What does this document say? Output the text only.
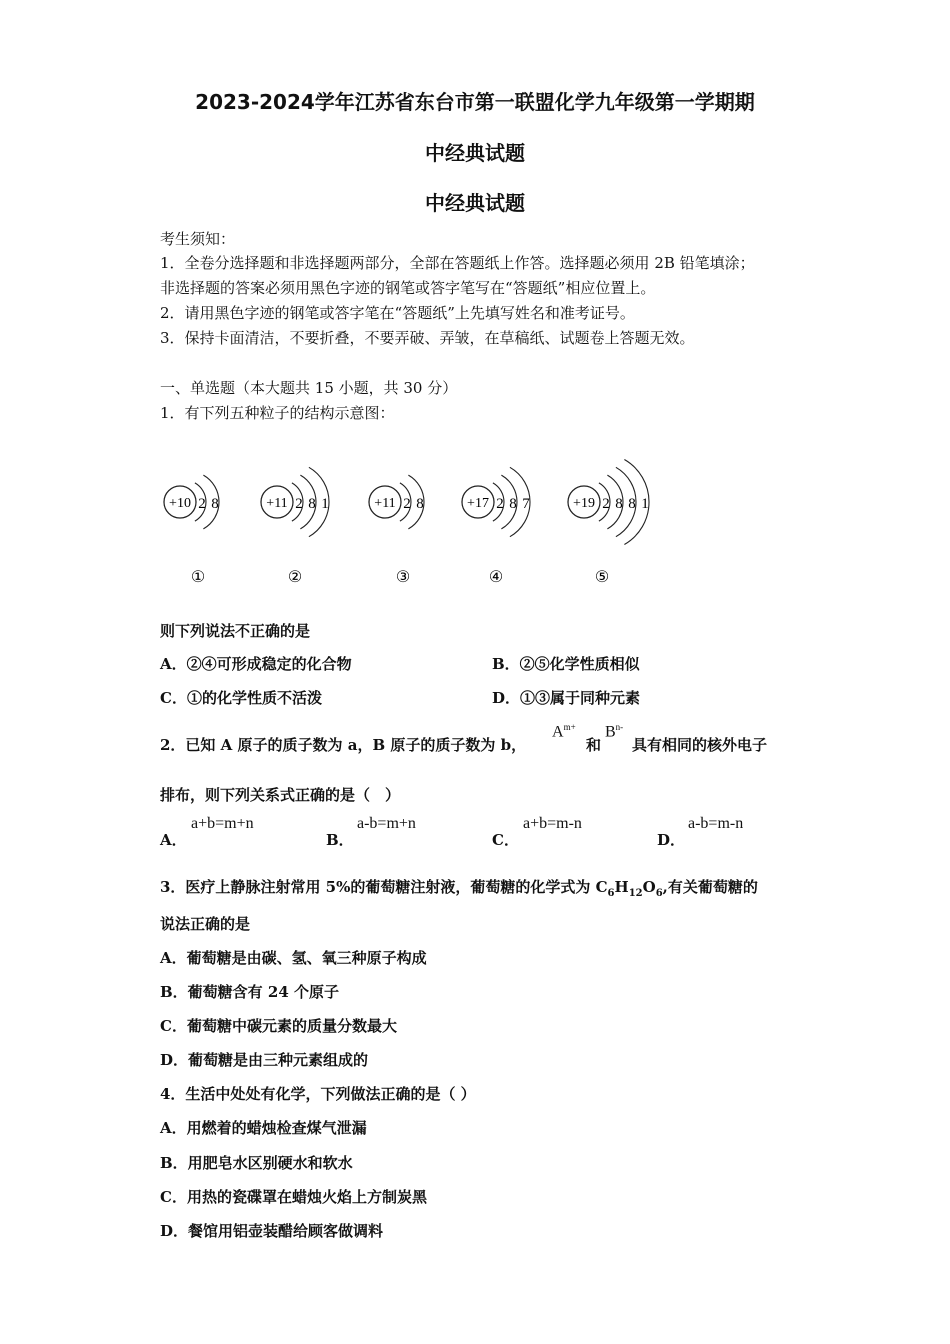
2023-2024学年江苏省东台市第一联盟化学九年级第一学期期
中经典试题
中经典试题
考生须知：
1．全卷分选择题和非选择题两部分，全部在答题纸上作答。选择题必须用 2B 铅笔填涂；
非选择题的答案必须用黑色字迹的钢笔或答字笔写在“答题纸”相应位置上。
2．请用黑色字迹的钢笔或答字笔在“答题纸”上先填写姓名和准考证号。
3．保持卡面清洁，不要折叠，不要弄破、弄皱，在草稿纸、试题卷上答题无效。
一、单选题（本大题共 15 小题，共 30 分）
1．有下列五种粒子的结构示意图：
+10 2 8
①
+11 2 8 1
②
+11 2 8
③
+17 2 8 7
④
+19 2 8 8 1
⑤
则下列说法不正确的是
A．②④可形成稳定的化合物	B．②⑤化学性质相似
C．①的化学性质不活泼	D．①③属于同种元素
2．已知 A 原子的质子数为 a，B 原子的质子数为 b，
$A^{m+}$
和
$B^{n-}$
具有相同的核外电子
排布，则下列关系式正确的是（　）
A．
a+b=m+n
B．
a-b=m+n
C．
a+b=m-n
D．
a-b=m-n
3．医疗上静脉注射常用 5%的葡萄糖注射液，葡萄糖的化学式为 $C_6H_{12}O_6$,有关葡萄糖的
说法正确的是
A．葡萄糖是由碳、氢、氧三种原子构成
B．葡萄糖含有 24 个原子
C．葡萄糖中碳元素的质量分数最大
D．葡萄糖是由三种元素组成的
4．生活中处处有化学，下列做法正确的是（ ）
A．用燃着的蜡烛检查煤气泄漏
B．用肥皂水区别硬水和软水
C．用热的瓷碟罩在蜡烛火焰上方制炭黑
D．餐馆用铝壶装醋给顾客做调料
